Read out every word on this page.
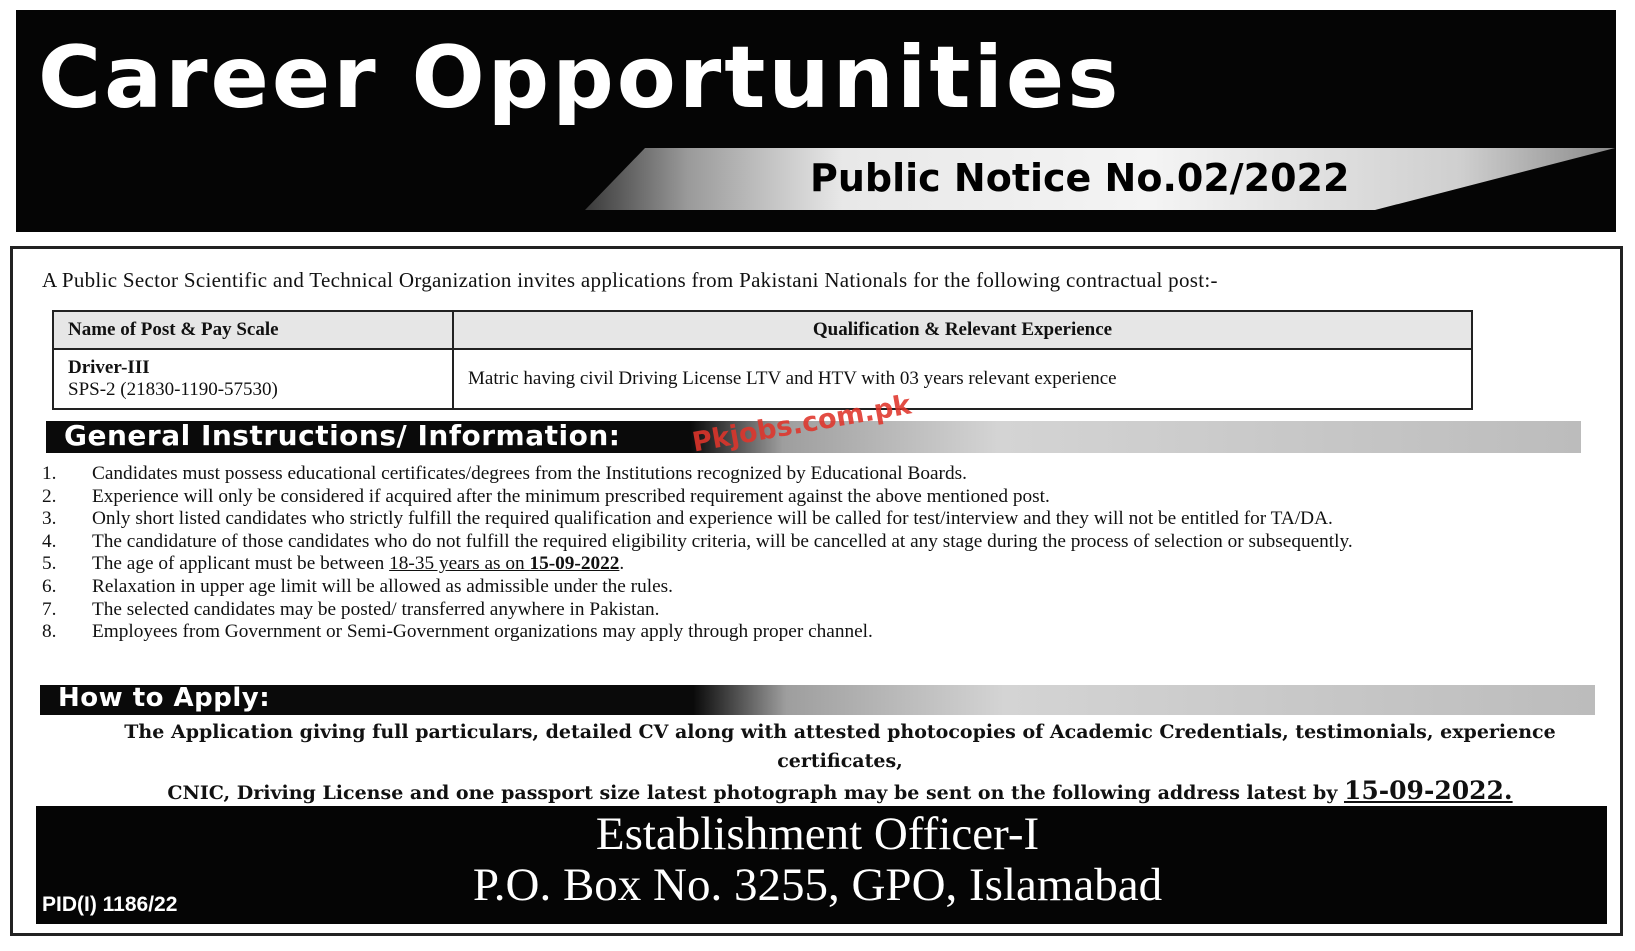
Career Opportunities
Public Notice No.02/2022
A Public Sector Scientific and Technical Organization invites applications from Pakistani Nationals for the following contractual post:-
Name of Post & Pay Scale	Qualification & Relevant Experience

Driver-III
SPS-2 (21830-1190-57530)	Matric having civil Driving License LTV and HTV with 03 years relevant experience
General Instructions/ Information:
1.	Candidates must possess educational certificates/degrees from the Institutions recognized by Educational Boards.
2.	Experience will only be considered if acquired after the minimum prescribed requirement against the above mentioned post.
3.	Only short listed candidates who strictly fulfill the required qualification and experience will be called for test/interview and they will not be entitled for TA/DA.
4.	The candidature of those candidates who do not fulfill the required eligibility criteria, will be cancelled at any stage during the process of selection or subsequently.
5.	The age of applicant must be between 18-35 years as on 15-09-2022.
6.	Relaxation in upper age limit will be allowed as admissible under the rules.
7.	The selected candidates may be posted/ transferred anywhere in Pakistan.
8.	Employees from Government or Semi-Government organizations may apply through proper channel.
Pkjobs.com.pk
How to Apply:
The Application giving full particulars, detailed CV along with attested photocopies of Academic Credentials, testimonials, experience certificates,
CNIC, Driving License and one passport size latest photograph may be sent on the following address latest by 15-09-2022.
Establishment Officer-I
P.O. Box No. 3255, GPO, Islamabad
PID(I) 1186/22
